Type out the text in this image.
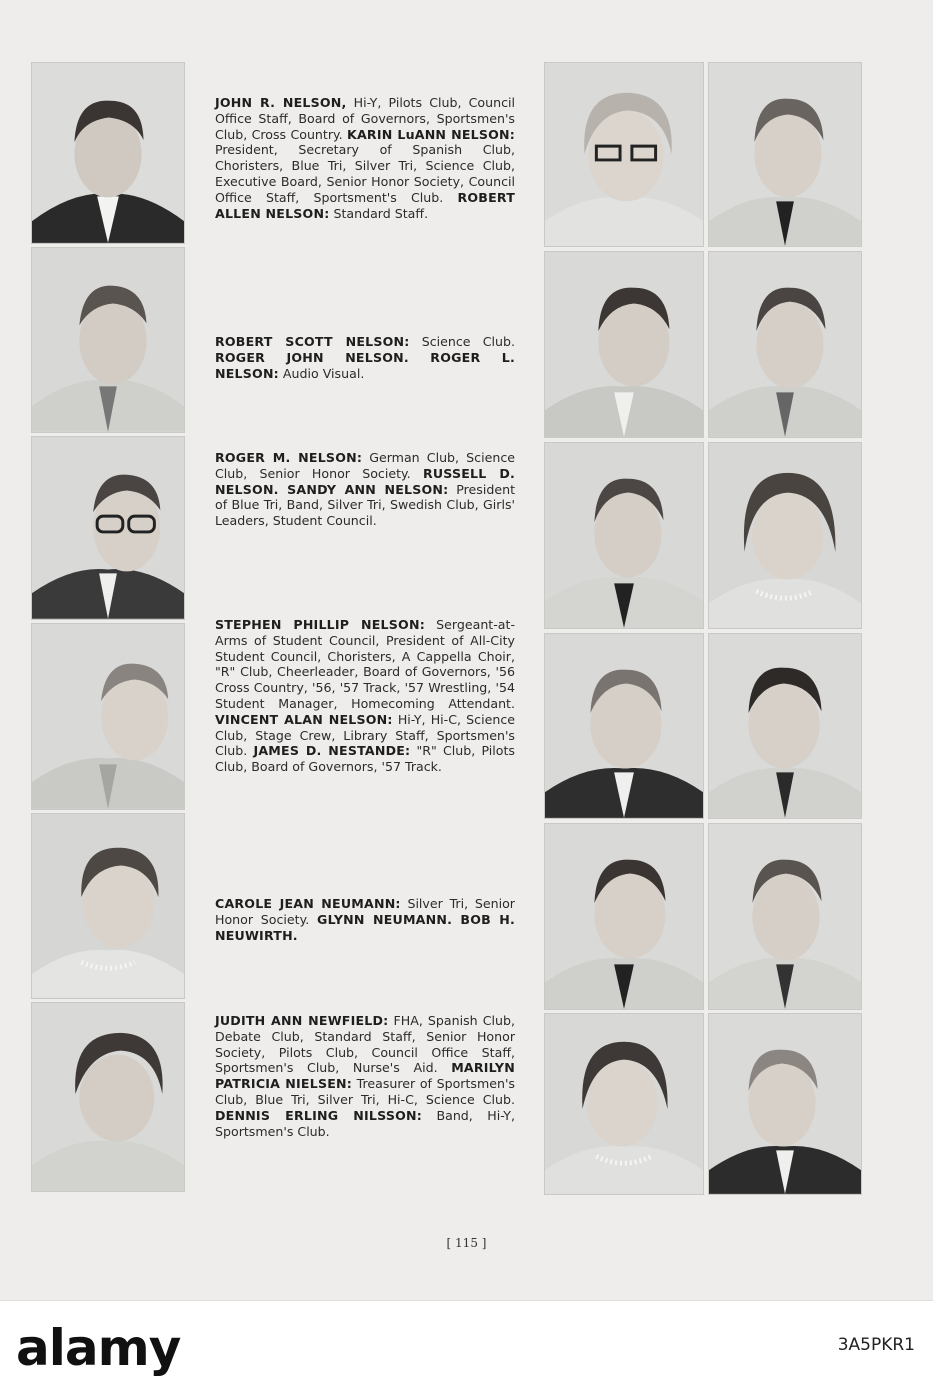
JOHN R. NELSON, Hi-Y, Pilots Club, Council Office Staff, Board of Governors, Sportsmen's Club, Cross Country. KARIN LuANN NELSON: President, Secretary of Spanish Club, Choristers, Blue Tri, Silver Tri, Science Club, Executive Board, Senior Honor Society, Council Office Staff, Sportsment's Club. ROBERT ALLEN NELSON: Standard Staff.
ROBERT SCOTT NELSON: Science Club. ROGER JOHN NELSON. ROGER L. NELSON: Audio Visual.
ROGER M. NELSON: German Club, Science Club, Senior Honor Society. RUSSELL D. NELSON. SANDY ANN NELSON: President of Blue Tri, Band, Silver Tri, Swedish Club, Girls' Leaders, Student Council.
STEPHEN PHILLIP NELSON: Sergeant-at-Arms of Student Council, President of All-City Student Council, Choristers, A Cappella Choir, "R" Club, Cheerleader, Board of Governors, '56 Cross Country, '56, '57 Track, '57 Wrestling, '54 Student Manager, Homecoming Attendant. VINCENT ALAN NELSON: Hi-Y, Hi-C, Science Club, Stage Crew, Library Staff, Sportsmen's Club. JAMES D. NESTANDE: "R" Club, Pilots Club, Board of Governors, '57 Track.
CAROLE JEAN NEUMANN: Silver Tri, Senior Honor Society. GLYNN NEUMANN. BOB H. NEUWIRTH.
JUDITH ANN NEWFIELD: FHA, Spanish Club, Debate Club, Standard Staff, Senior Honor Society, Pilots Club, Council Office Staff, Sportsmen's Club, Nurse's Aid. MARILYN PATRICIA NIELSEN: Treasurer of Sportsmen's Club, Blue Tri, Silver Tri, Hi-C, Science Club. DENNIS ERLING NILSSON: Band, Hi-Y, Sportsmen's Club.
[ 115 ]
alamy	3A5PKR1
